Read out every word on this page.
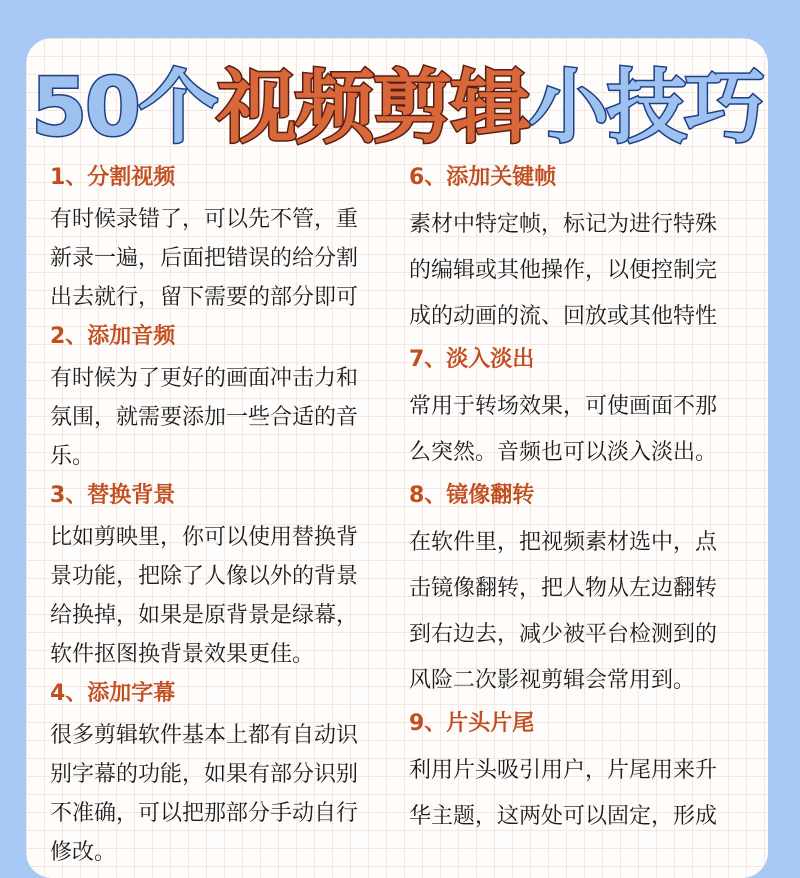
50个视频剪辑小技巧
1、分割视频
有时候录错了，可以先不管，重
新录一遍，后面把错误的给分割
出去就行，留下需要的部分即可
2、添加音频
有时候为了更好的画面冲击力和
氛围，就需要添加一些合适的音
乐。
3、替换背景
比如剪映里，你可以使用替换背
景功能，把除了人像以外的背景
给换掉，如果是原背景是绿幕，
软件抠图换背景效果更佳。
4、添加字幕
很多剪辑软件基本上都有自动识
别字幕的功能，如果有部分识别
不准确，可以把那部分手动自行
修改。
6、添加关键帧
素材中特定帧，标记为进行特殊
的编辑或其他操作，以便控制完
成的动画的流、回放或其他特性
7、淡入淡出
常用于转场效果，可使画面不那
么突然。音频也可以淡入淡出。
8、镜像翻转
在软件里，把视频素材选中，点
击镜像翻转，把人物从左边翻转
到右边去，减少被平台检测到的
风险二次影视剪辑会常用到。
9、片头片尾
利用片头吸引用户，片尾用来升
华主题，这两处可以固定，形成
